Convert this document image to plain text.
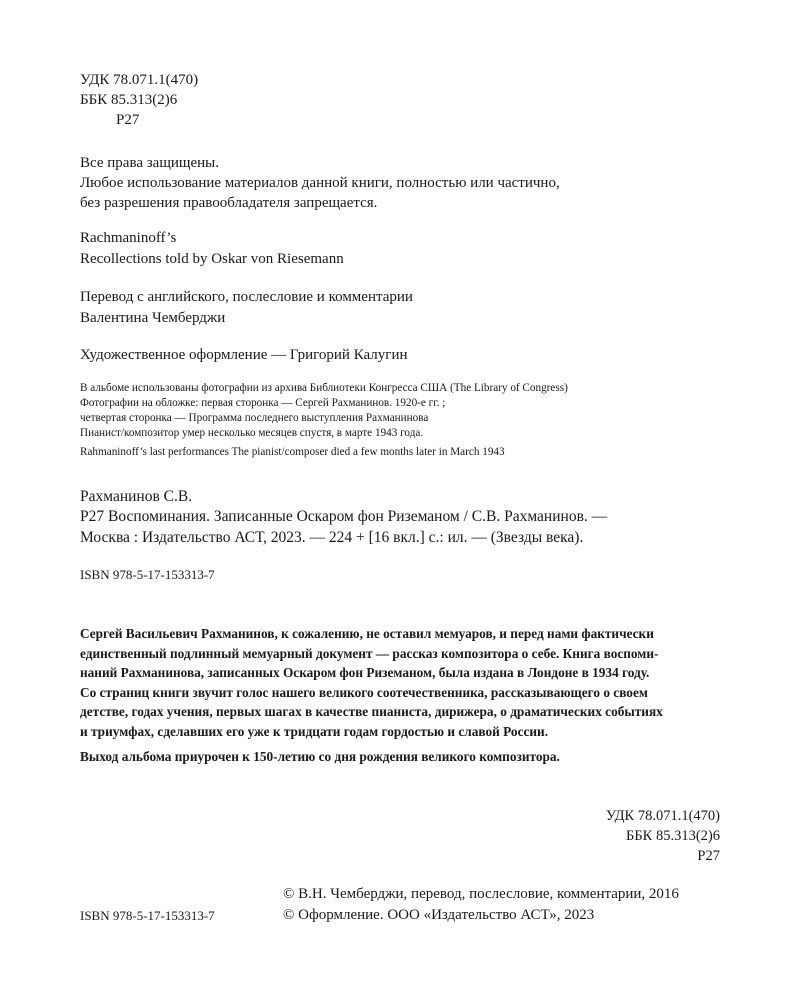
УДК 78.071.1(470)
ББК 85.313(2)6
Р27
Все права защищены.
Любое использование материалов данной книги, полностью или частично,
без разрешения правообладателя запрещается.
Rachmaninoff’s
Recollections told by Oskar von Riesemann
Перевод с английского, послесловие и комментарии
Валентина Чемберджи
Художественное оформление — Григорий Калугин
В альбоме использованы фотографии из архива Библиотеки Конгресса США (The Library of Congress)
Фотографии на обложке: первая сторонка — Сергей Рахманинов. 1920-е гг. ;
четвертая сторонка — Программа последнего выступления Рахманинова
Пианист/композитор умер несколько месяцев спустя, в марте 1943 года.
Rahmaninoff’s last performances The pianist/composer died a few months later in March 1943
Рахманинов С.В.
Р27 Воспоминания. Записанные Оскаром фон Риземаном / С.В. Рахманинов. —
Москва : Издательство АСТ, 2023. — 224 + [16 вкл.] с.: ил. — (Звезды века).
ISBN 978-5-17-153313-7
Сергей Васильевич Рахманинов, к сожалению, не оставил мемуаров, и перед нами фактически
единственный подлинный мемуарный документ — рассказ композитора о себе. Книга воспоми-
наний Рахманинова, записанных Оскаром фон Риземаном, была издана в Лондоне в 1934 году.
Со страниц книги звучит голос нашего великого соотечественника, рассказывающего о своем
детстве, годах учения, первых шагах в качестве пианиста, дирижера, о драматических событиях
и триумфах, сделавших его уже к тридцати годам гордостью и славой России.
Выход альбома приурочен к 150-летию со дня рождения великого композитора.
УДК 78.071.1(470)
ББК 85.313(2)6
Р27
© В.Н. Чемберджи, перевод, послесловие, комментарии, 2016
© Оформление. ООО «Издательство АСТ», 2023
ISBN 978-5-17-153313-7
